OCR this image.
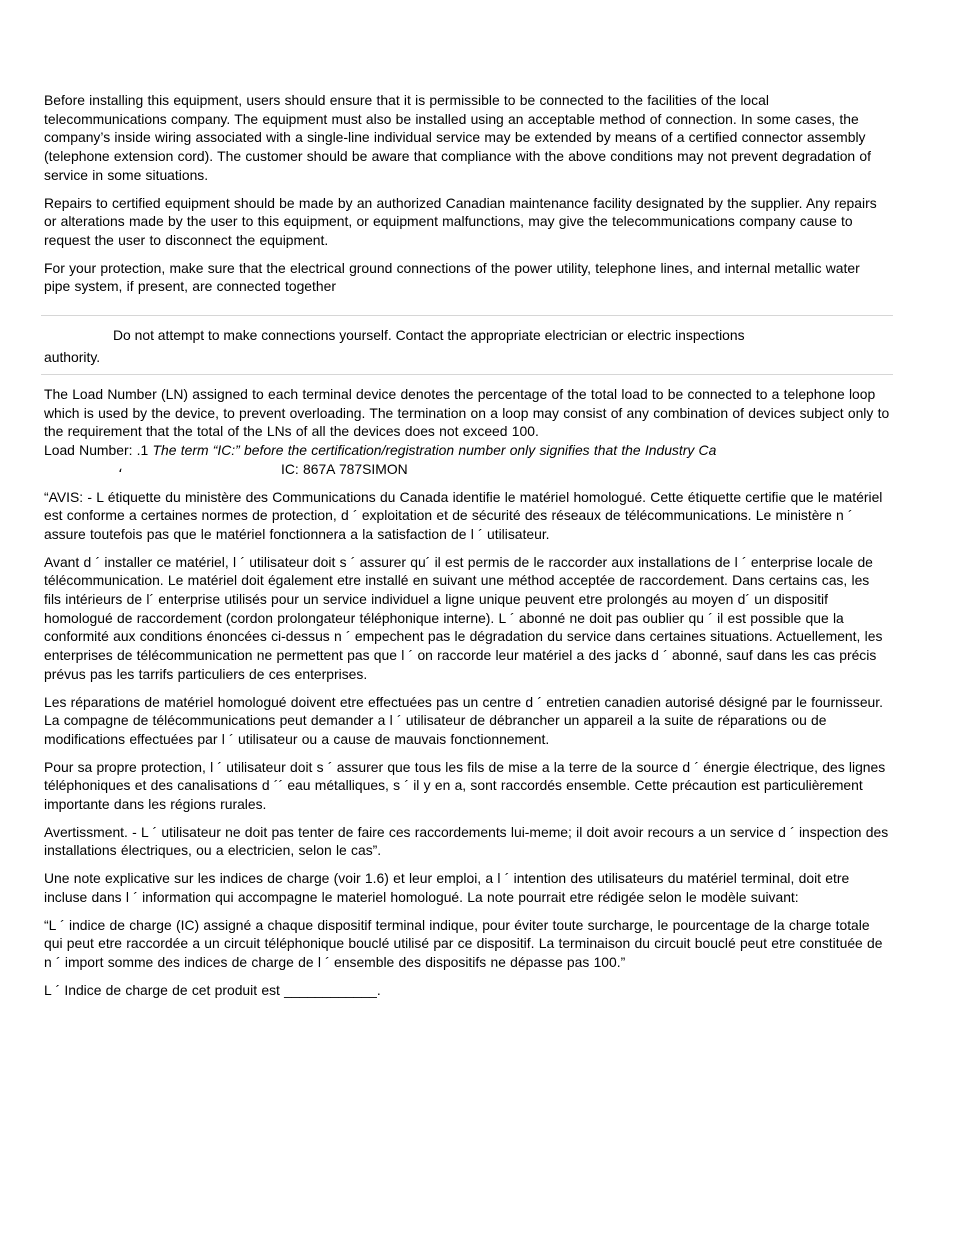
Before installing this equipment, users should ensure that it is permissible to be connected to the facilities of the local telecommunications company. The equipment must also be installed using an acceptable method of connection. In some cases, the company’s inside wiring associated with a single-line individual service may be extended by means of a certified connector assembly (telephone extension cord). The customer should be aware that compliance with the above conditions may not prevent degradation of service in some situations.

Repairs to certified equipment should be made by an authorized Canadian maintenance facility designated by the supplier. Any repairs or alterations made by the user to this equipment, or equipment malfunctions, may give the telecommunications company cause to request the user to disconnect the equipment.

For your protection, make sure that the electrical ground connections of the power utility, telephone lines, and internal metallic water pipe system, if present, are connected together

Do not attempt to make connections yourself. Contact the appropriate electrician or electric inspections
authority.

The Load Number (LN) assigned to each terminal device denotes the percentage of the total load to be connected to a telephone loop which is used by the device, to prevent overloading. The termination on a loop may consist of any combination of devices subject only to the requirement that the total of the LNs of all the devices does not exceed 100.
Load Number: .1 The term “IC:” before the certification/registration number only signifies that the Industry Ca
،	IC: 867A 787SIMON

“AVIS: - L étiquette du ministère des Communications du Canada identifie le matériel homologué. Cette étiquette certifie que le matériel est conforme a certaines normes de protection, d ´ exploitation et de sécurité des réseaux de télécommunications. Le ministère n ´ assure toutefois pas que le matériel fonctionnera a la satisfaction de l ´ utilisateur.

Avant d ´ installer ce matériel, l ´ utilisateur doit s ´ assurer qu´ il est permis de le raccorder aux installations de l ´ enterprise locale de télécommunication. Le matériel doit également etre installé en suivant une méthod acceptée de raccordement. Dans certains cas, les fils intérieurs de l´ enterprise utilisés pour un service individuel a ligne unique peuvent etre prolongés au moyen d´ un dispositif homologué de raccordement (cordon prolongateur téléphonique interne). L ´ abonné ne doit pas oublier qu ´ il est possible que la conformité aux conditions énoncées ci-dessus n ´ empechent pas le dégradation du service dans certaines situations. Actuellement, les enterprises de télécommunication ne permettent pas que l ´ on raccorde leur matériel a des jacks d ´ abonné, sauf dans les cas précis prévus pas les tarrifs particuliers de ces enterprises.

Les réparations de matériel homologué doivent etre effectuées pas un centre d ´ entretien canadien autorisé désigné par le fournisseur. La compagne de télécommunications peut demander a l ´ utilisateur de débrancher un appareil a la suite de réparations ou de modifications effectuées par l ´ utilisateur ou a cause de mauvais fonctionnement.

Pour sa propre protection, l ´ utilisateur doit s ´ assurer que tous les fils de mise a la terre de la source d ´ énergie électrique, des lignes téléphoniques et des canalisations d ´´ eau métalliques, s ´ il y en a, sont raccordés ensemble. Cette précaution est particulièrement importante dans les régions rurales.

Avertissment. - L ´ utilisateur ne doit pas tenter de faire ces raccordements lui-meme; il doit avoir recours a un service d ´ inspection des installations électriques, ou a electricien, selon le cas”.

Une note explicative sur les indices de charge (voir 1.6) et leur emploi, a l ´ intention des utilisateurs du matériel terminal, doit etre incluse dans l ´ information qui accompagne le materiel homologué. La note pourrait etre rédigée selon le modèle suivant:

“L ´ indice de charge (IC) assigné a chaque dispositif terminal indique, pour éviter toute surcharge, le pourcentage de la charge totale qui peut etre raccordée a un circuit téléphonique bouclé utilisé par ce dispositif. La terminaison du circuit bouclé peut etre constituée de n ´ import somme des indices de charge de l ´ ensemble des dispositifs ne dépasse pas 100.”

L ´ Indice de charge de cet produit est ____________.
